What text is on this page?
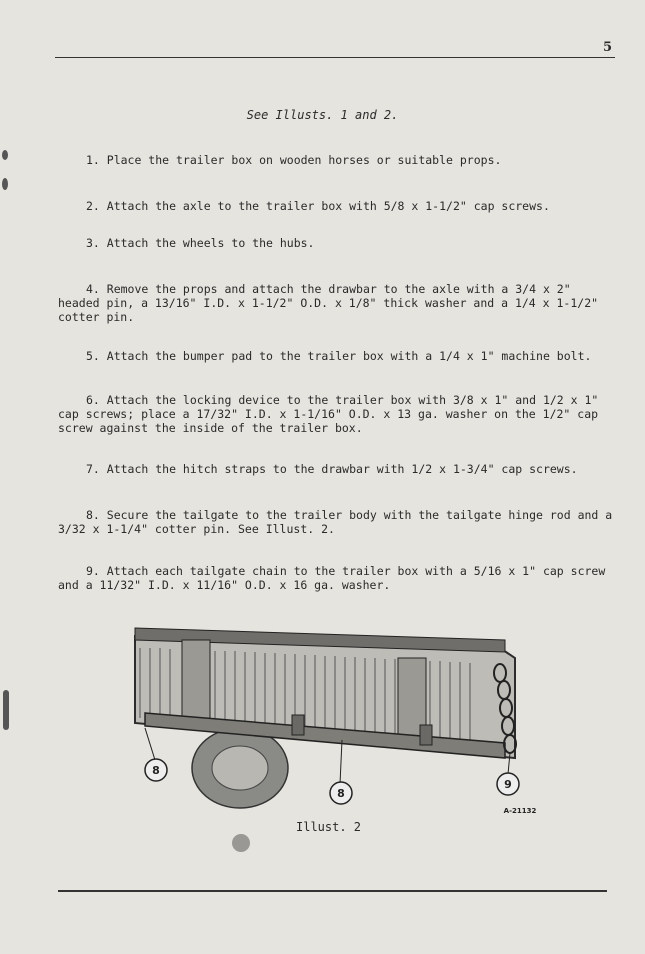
5
See Illusts. 1 and 2.
1. Place the trailer box on wooden horses or suitable props.
2. Attach the axle to the trailer box with 5/8 x 1-1/2" cap screws.
3. Attach the wheels to the hubs.
4. Remove the props and attach the drawbar to the axle with a 3/4 x 2" headed pin, a 13/16" I.D. x 1-1/2" O.D. x 1/8" thick washer and a 1/4 x 1-1/2" cotter pin.
5. Attach the bumper pad to the trailer box with a 1/4 x 1" machine bolt.
6. Attach the locking device to the trailer box with 3/8 x 1" and 1/2 x 1" cap screws; place a 17/32" I.D. x 1-1/16" O.D. x 13 ga. washer on the 1/2" cap screw against the inside of the trailer box.
7. Attach the hitch straps to the drawbar with 1/2 x 1-3/4" cap screws.
8. Secure the tailgate to the trailer body with the tailgate hinge rod and a 3/32 x 1-1/4" cotter pin. See Illust. 2.
9. Attach each tailgate chain to the trailer box with a 5/16 x 1" cap screw and a 11/32" I.D. x 11/16" O.D. x 16 ga. washer.
8
8
9
A-21132
Illust. 2
